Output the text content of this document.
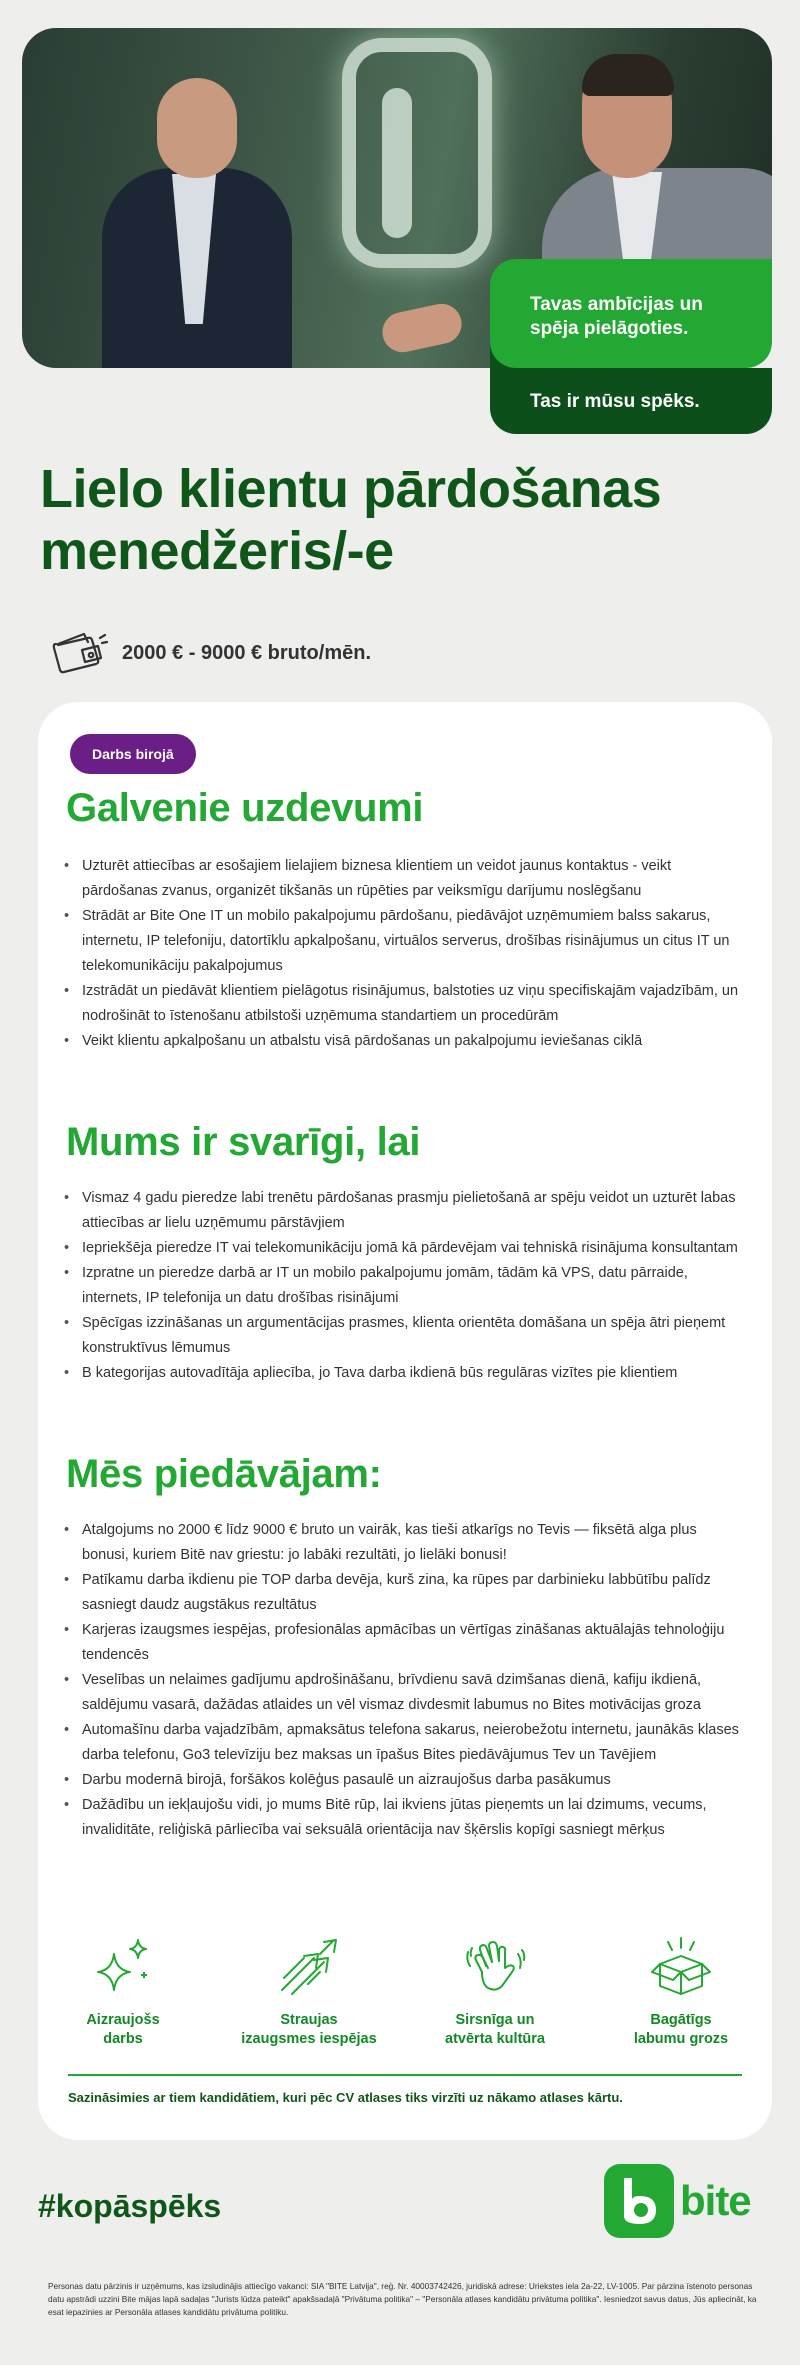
Tas ir mūsu spēks.
Tavas ambīcijas un spēja pielāgoties.
Lielo klientu pārdošanas menedžeris/-e
2000 € - 9000 € bruto/mēn.
Darbs birojā
Galvenie uzdevumi
• Uzturēt attiecības ar esošajiem lielajiem biznesa klientiem un veidot jaunus kontaktus - veikt pārdošanas zvanus, organizēt tikšanās un rūpēties par veiksmīgu darījumu noslēgšanu
• Strādāt ar Bite One IT un mobilo pakalpojumu pārdošanu, piedāvājot uzņēmumiem balss sakarus, internetu, IP telefoniju, datortīklu apkalpošanu, virtuālos serverus, drošības risinājumus un citus IT un telekomunikāciju pakalpojumus
• Izstrādāt un piedāvāt klientiem pielāgotus risinājumus, balstoties uz viņu specifiskajām vajadzībām, un nodrošināt to īstenošanu atbilstoši uzņēmuma standartiem un procedūrām
• Veikt klientu apkalpošanu un atbalstu visā pārdošanas un pakalpojumu ieviešanas ciklā
Mums ir svarīgi, lai
• Vismaz 4 gadu pieredze labi trenētu pārdošanas prasmju pielietošanā ar spēju veidot un uzturēt labas attiecības ar lielu uzņēmumu pārstāvjiem
• Iepriekšēja pieredze IT vai telekomunikāciju jomā kā pārdevējam vai tehniskā risinājuma konsultantam
• Izpratne un pieredze darbā ar IT un mobilo pakalpojumu jomām, tādām kā VPS, datu pārraide, internets, IP telefonija un datu drošības risinājumi
• Spēcīgas izzināšanas un argumentācijas prasmes, klienta orientēta domāšana un spēja ātri pieņemt konstruktīvus lēmumus
• B kategorijas autovadītāja apliecība, jo Tava darba ikdienā būs regulāras vizītes pie klientiem
Mēs piedāvājam:
• Atalgojums no 2000 € līdz 9000 € bruto un vairāk, kas tieši atkarīgs no Tevis — fiksētā alga plus bonusi, kuriem Bitē nav griestu: jo labāki rezultāti, jo lielāki bonusi!
• Patīkamu darba ikdienu pie TOP darba devēja, kurš zina, ka rūpes par darbinieku labbūtību palīdz sasniegt daudz augstākus rezultātus
• Karjeras izaugsmes iespējas, profesionālas apmācības un vērtīgas zināšanas aktuālajās tehnoloģiju tendencēs
• Veselības un nelaimes gadījumu apdrošināšanu, brīvdienu savā dzimšanas dienā, kafiju ikdienā, saldējumu vasarā, dažādas atlaides un vēl vismaz divdesmit labumus no Bites motivācijas groza
• Automašīnu darba vajadzībām, apmaksātus telefona sakarus, neierobežotu internetu, jaunākās klases darba telefonu, Go3 televīziju bez maksas un īpašus Bites piedāvājumus Tev un Tavējiem
• Darbu modernā birojā, foršākos kolēģus pasaulē un aizraujošus darba pasākumus
• Dažādību un iekļaujošu vidi, jo mums Bitē rūp, lai ikviens jūtas pieņemts un lai dzimums, vecums, invaliditāte, reliģiskā pārliecība vai seksuālā orientācija nav šķērslis kopīgi sasniegt mērķus
Aizraujošs
darbs
Straujas
izaugsmes iespējas
Sirsnīga un
atvērta kultūra
Bagātīgs
labumu grozs
Sazināsimies ar tiem kandidātiem, kuri pēc CV atlases tiks virzīti uz nākamo atlases kārtu.
#kopāspēks	bite
Personas datu pārzinis ir uzņēmums, kas izsludinājis attiecīgo vakanci: SIA "BITE Latvija", reģ. Nr. 40003742426, juridiskā adrese: Uriekstes iela 2a-22, LV-1005. Par pārzina īstenoto personas datu apstrādi uzzini Bite mājas lapā sadaļas "Jurists lūdza pateikt" apakšsadaļā "Privātuma politika" – "Personāla atlases kandidātu privātuma politika". Iesniedzot savus datus, Jūs apliecināt, ka esat iepazinies ar Personāla atlases kandidātu privātuma politiku.
